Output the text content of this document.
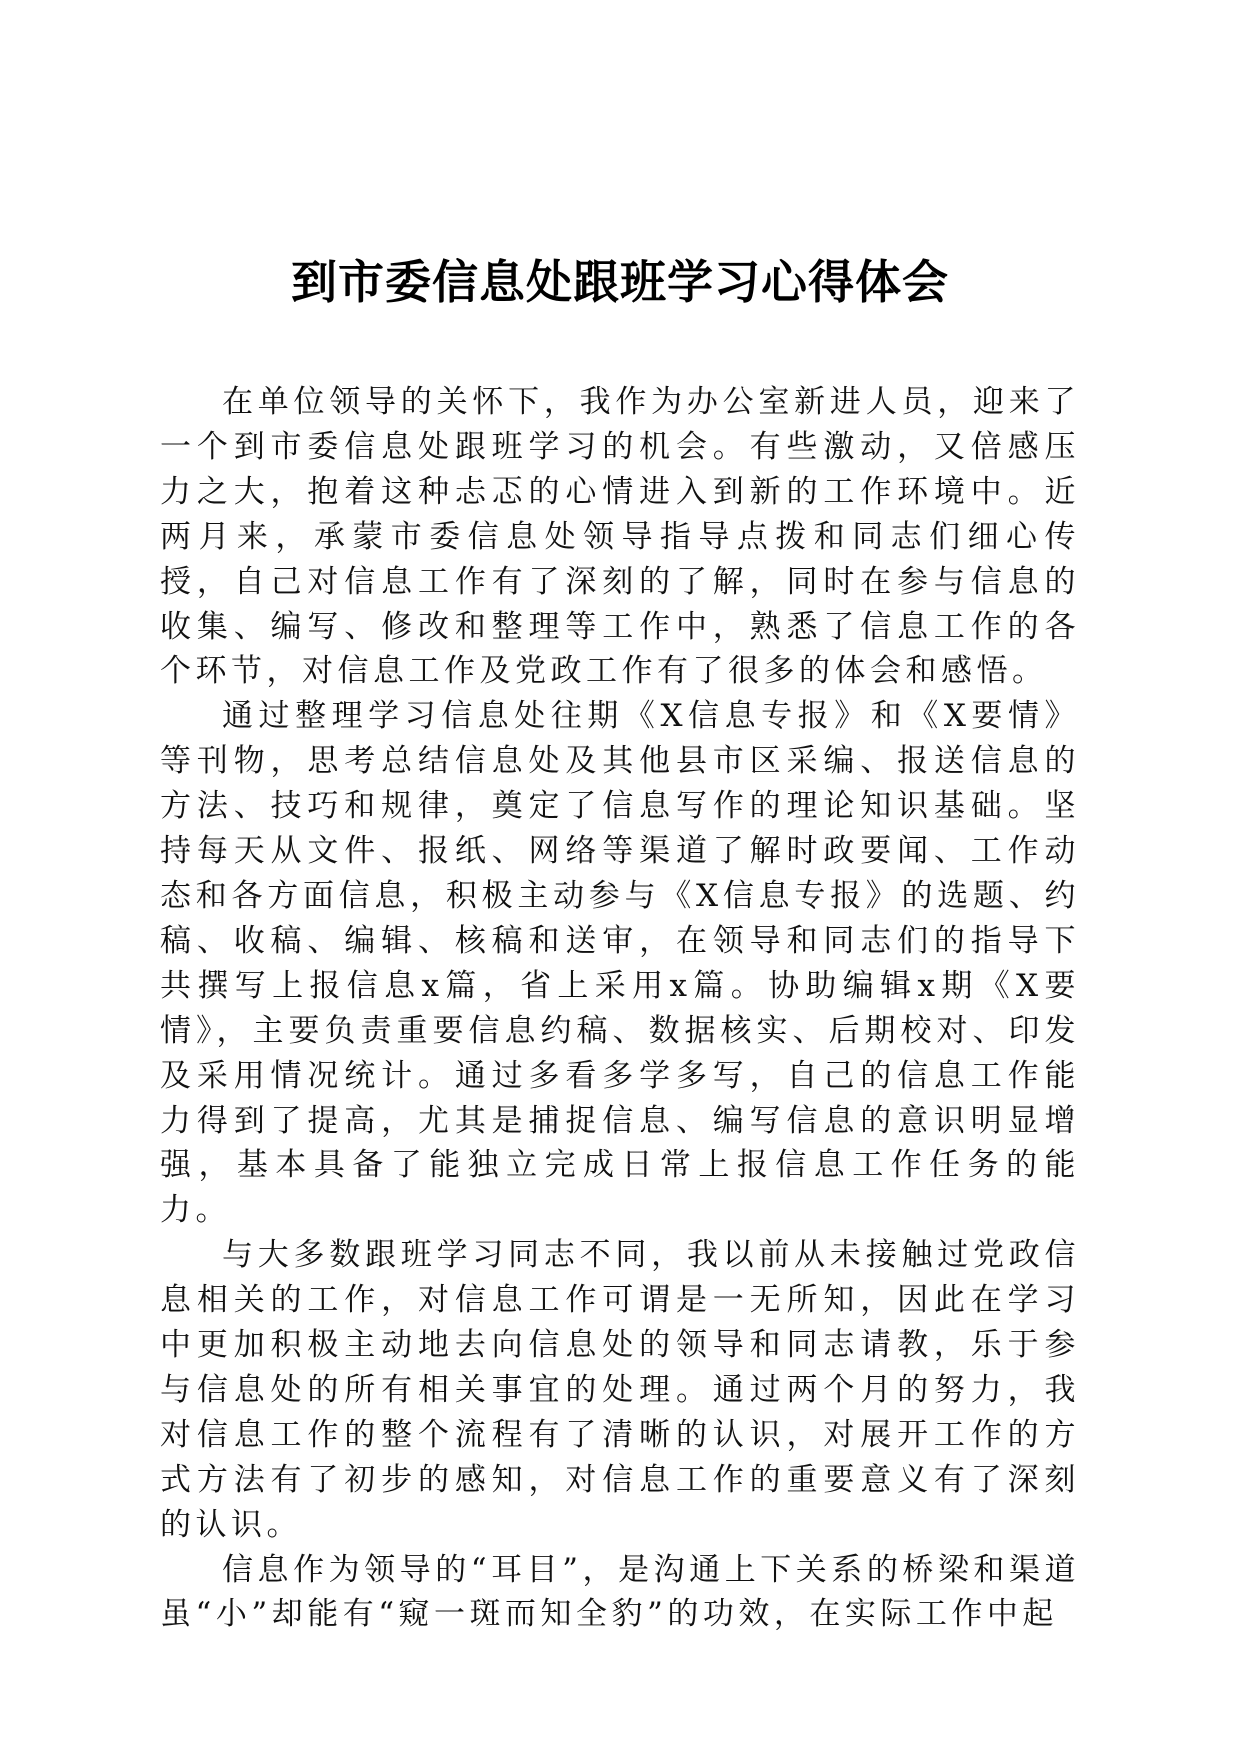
到市委信息处跟班学习心得体会

在单位领导的关怀下，我作为办公室新进人员，迎来了一个到市委信息处跟班学习的机会。有些激动，又倍感压力之大，抱着这种忐忑的心情进入到新的工作环境中。近两月来，承蒙市委信息处领导指导点拨和同志们细心传授，自己对信息工作有了深刻的了解，同时在参与信息的收集、编写、修改和整理等工作中，熟悉了信息工作的各个环节，对信息工作及党政工作有了很多的体会和感悟。

通过整理学习信息处往期《X信息专报》和《X要情》等刊物，思考总结信息处及其他县市区采编、报送信息的方法、技巧和规律，奠定了信息写作的理论知识基础。坚持每天从文件、报纸、网络等渠道了解时政要闻、工作动态和各方面信息，积极主动参与《X信息专报》的选题、约稿、收稿、编辑、核稿和送审，在领导和同志们的指导下共撰写上报信息x篇，省上采用x篇。协助编辑x期《X要情》，主要负责重要信息约稿、数据核实、后期校对、印发及采用情况统计。通过多看多学多写，自己的信息工作能力得到了提高，尤其是捕捉信息、编写信息的意识明显增强，基本具备了能独立完成日常上报信息工作任务的能力。

与大多数跟班学习同志不同，我以前从未接触过党政信息相关的工作，对信息工作可谓是一无所知，因此在学习中更加积极主动地去向信息处的领导和同志请教，乐于参与信息处的所有相关事宜的处理。通过两个月的努力，我对信息工作的整个流程有了清晰的认识，对展开工作的方式方法有了初步的感知，对信息工作的重要意义有了深刻的认识。

信息作为领导的“耳目”，是沟通上下关系的桥梁和渠道虽“小”却能有“窥一斑而知全豹”的功效，在实际工作中起
